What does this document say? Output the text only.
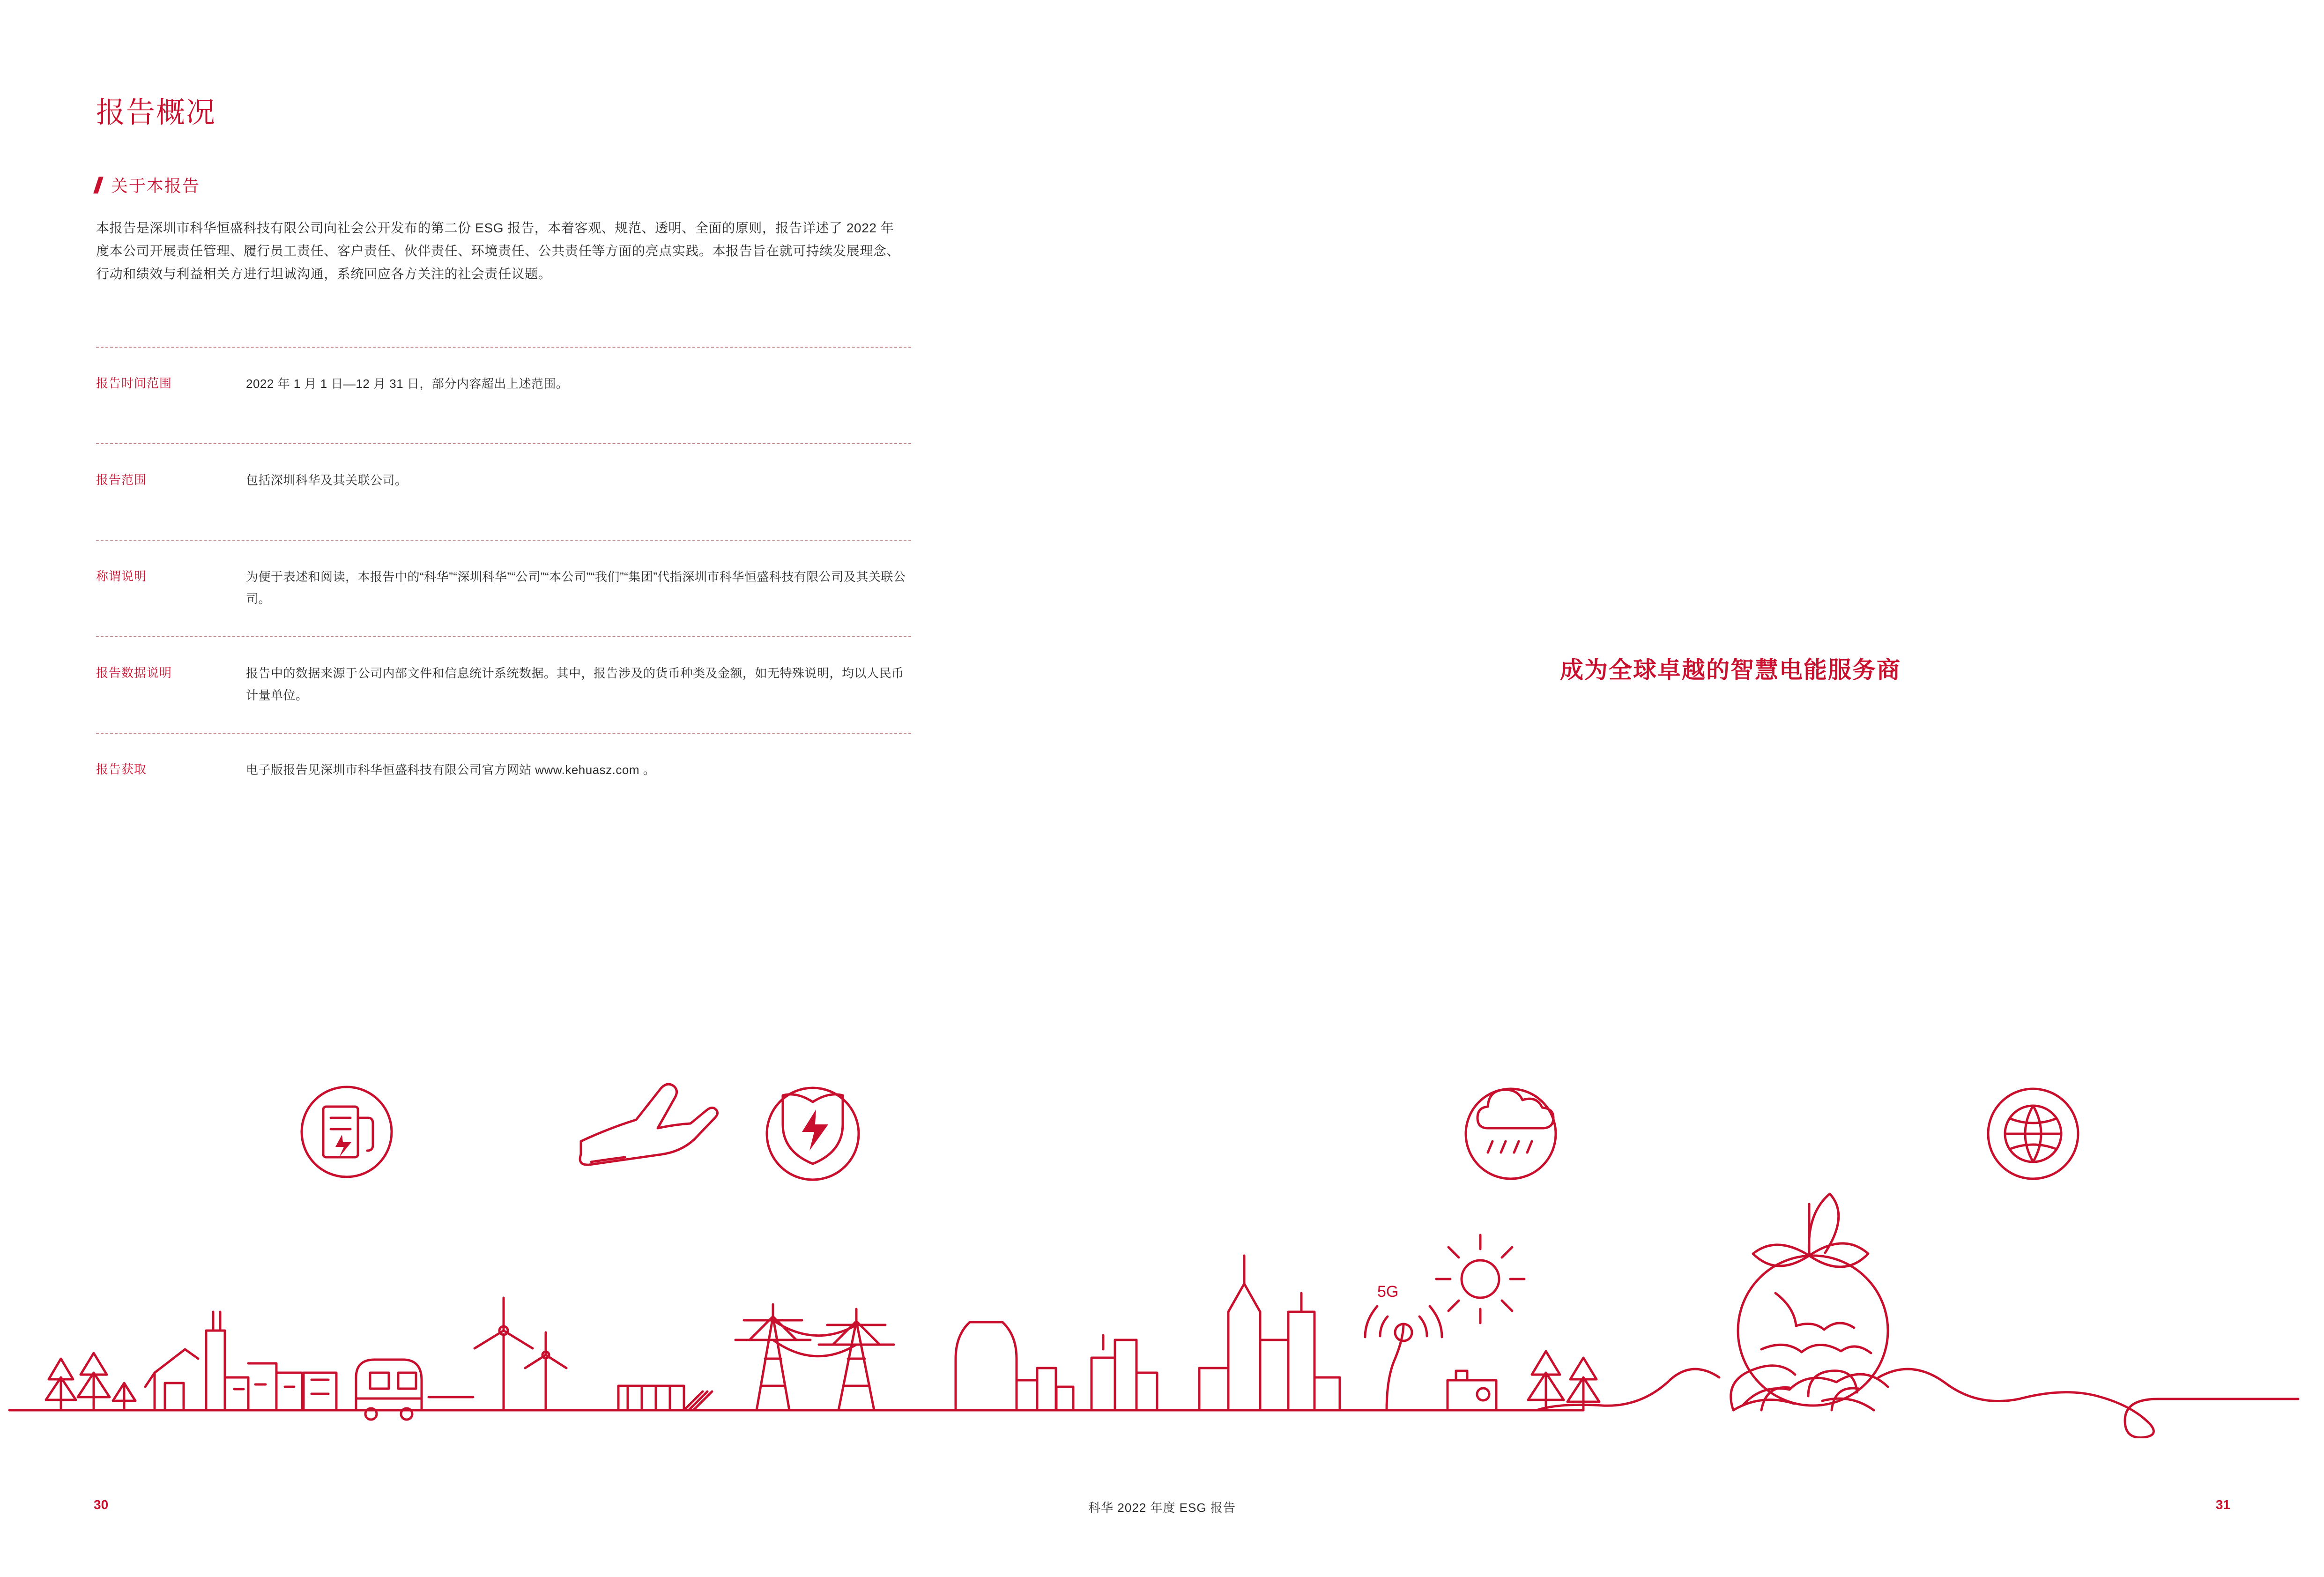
报告概况
关于本报告

本报告是深圳市科华恒盛科技有限公司向社会公开发布的第二份 ESG 报告，本着客观、规范、透明、全面的原则，报告详述了 2022 年度本公司开展责任管理、履行员工责任、客户责任、伙伴责任、环境责任、公共责任等方面的亮点实践。本报告旨在就可持续发展理念、行动和绩效与利益相关方进行坦诚沟通，系统回应各方关注的社会责任议题。

报告时间范围	2022 年 1 月 1 日—12 月 31 日，部分内容超出上述范围。
报告范围	包括深圳科华及其关联公司。
称谓说明	为便于表述和阅读，本报告中的“科华”“深圳科华”“公司”“本公司”“我们”“集团”代指深圳市科华恒盛科技有限公司及其关联公司。
报告数据说明	报告中的数据来源于公司内部文件和信息统计系统数据。其中，报告涉及的货币种类及金额，如无特殊说明，均以人民币计量单位。
报告获取	电子版报告见深圳市科华恒盛科技有限公司官方网站 www.kehuasz.com 。
成为全球卓越的智慧电能服务商
5G
30	科华 2022 年度 ESG 报告	31
